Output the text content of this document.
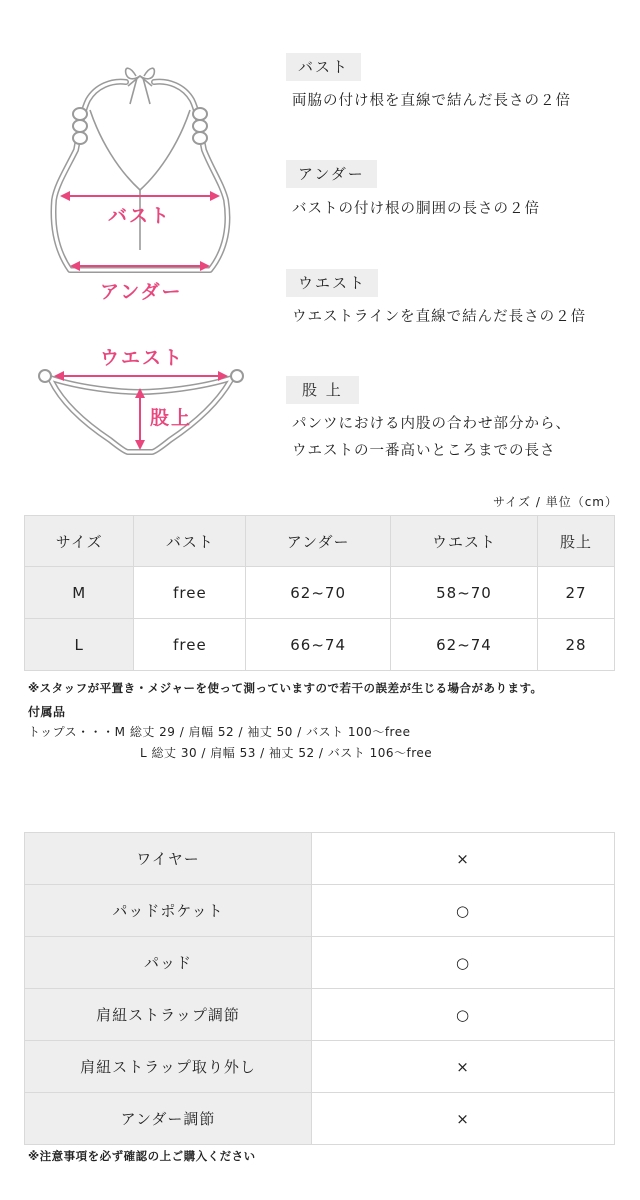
バスト
アンダー
ウエスト
股上
バスト
両脇の付け根を直線で結んだ長さの２倍
アンダー
バストの付け根の胴囲の長さの２倍
ウエスト
ウエストラインを直線で結んだ長さの２倍
股 上
パンツにおける内股の合わせ部分から、
ウエストの一番高いところまでの長さ
サイズ / 単位（cm）
サイズ	バスト	アンダー	ウエスト	股上
M	free	62~70	58~70	27
L	free	66~74	62~74	28
※スタッフが平置き・メジャーを使って測っていますので若干の誤差が生じる場合があります。
付属品
トップス・・・M 総丈 29 / 肩幅 52 / 袖丈 50 / バスト 100〜free
L 総丈 30 / 肩幅 53 / 袖丈 52 / バスト 106〜free
ワイヤー	×
パッドポケット	○
パッド	○
肩紐ストラップ調節	○
肩紐ストラップ取り外し	×
アンダー調節	×
※注意事項を必ず確認の上ご購入ください
